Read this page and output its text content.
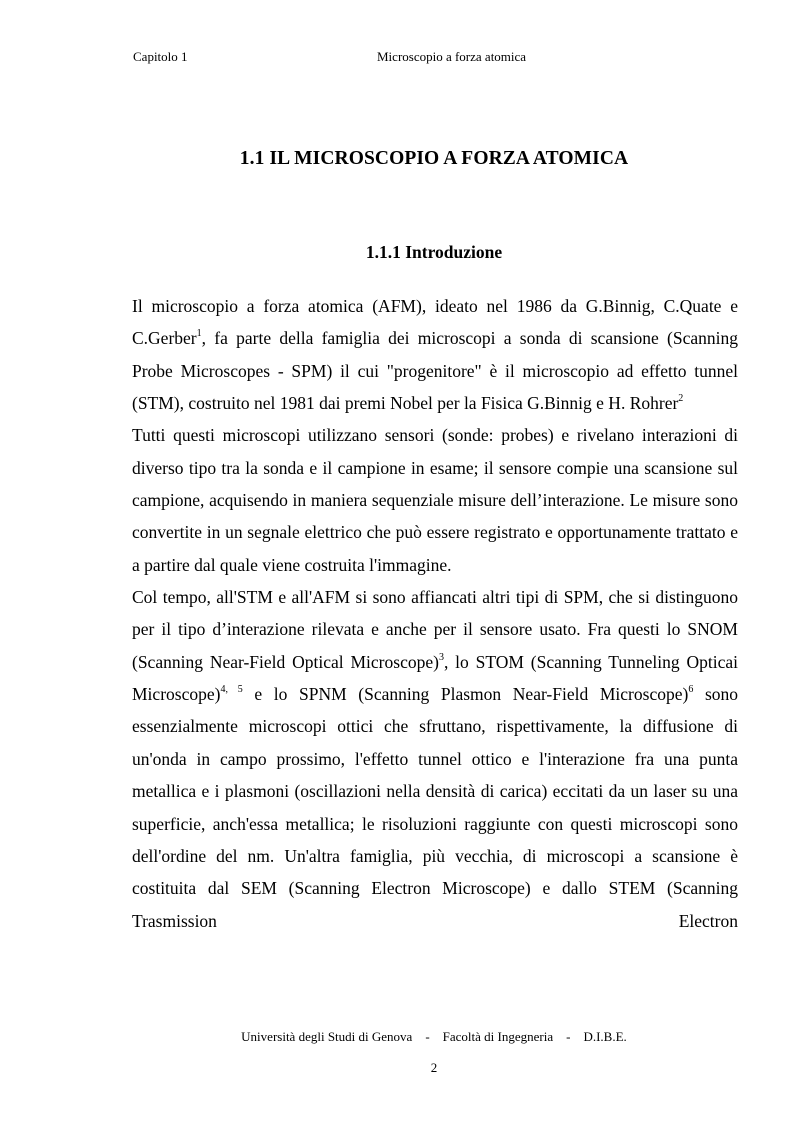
Capitolo 1	Microscopio a forza atomica
1.1 IL MICROSCOPIO A FORZA ATOMICA
1.1.1 Introduzione

Il microscopio a forza atomica (AFM), ideato nel 1986 da G.Binnig, C.Quate e C.Gerber$^1$, fa parte della famiglia dei microscopi a sonda di scansione (Scanning Probe Microscopes - SPM) il cui "progenitore" è il microscopio ad effetto tunnel (STM), costruito nel 1981 dai premi Nobel per la Fisica G.Binnig e H. Rohrer$^2$

Tutti questi microscopi utilizzano sensori (sonde: probes) e rivelano interazioni di diverso tipo tra la sonda e il campione in esame; il sensore compie una scansione sul campione, acquisendo in maniera sequenziale misure dell’interazione. Le misure sono convertite in un segnale elettrico che può essere registrato e opportunamente trattato e a partire dal quale viene costruita l'immagine.

Col tempo, all'STM e all'AFM si sono affiancati altri tipi di SPM, che si distinguono per il tipo d’interazione rilevata e anche per il sensore usato. Fra questi lo SNOM (Scanning Near-Field Optical Microscope)$^3$, lo STOM (Scanning Tunneling Opticai Microscope)$^{4, 5}$ e lo SPNM (Scanning Plasmon Near-Field Microscope)$^6$ sono essenzialmente microscopi ottici che sfruttano, rispettivamente, la diffusione di un'onda in campo prossimo, l'effetto tunnel ottico e l'interazione fra una punta metallica e i plasmoni (oscillazioni nella densità di carica) eccitati da un laser su una superficie, anch'essa metallica; le risoluzioni raggiunte con questi microscopi sono dell'ordine del nm. Un'altra famiglia, più vecchia, di microscopi a scansione è costituita dal SEM (Scanning Electron Microscope) e dallo STEM (Scanning Trasmission Electron

Università degli Studi di Genova - Facoltà di Ingegneria - D.I.B.E.
2
